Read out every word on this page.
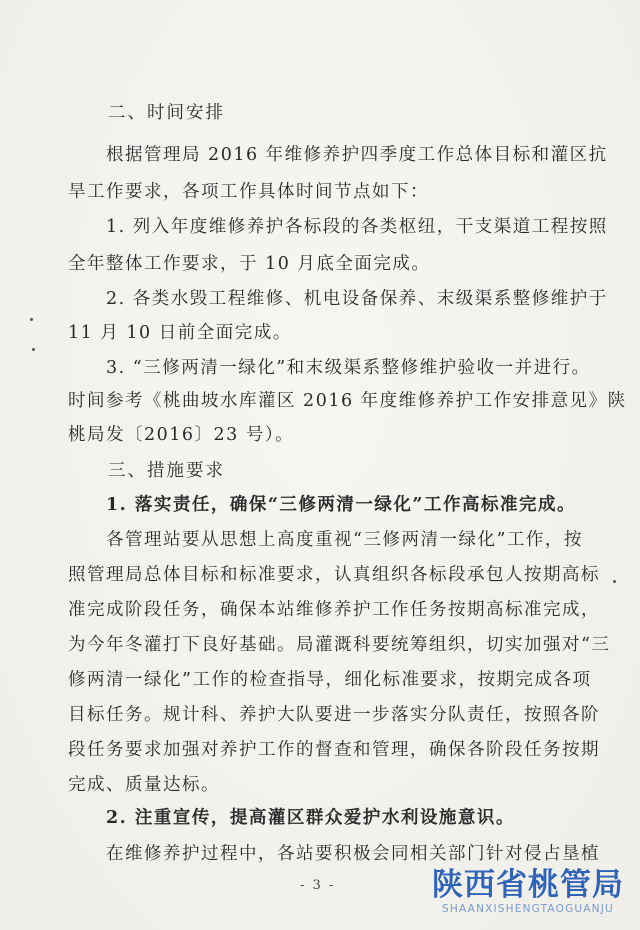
二、时间安排
根据管理局 2016 年维修养护四季度工作总体目标和灌区抗
旱工作要求，各项工作具体时间节点如下：
1. 列入年度维修养护各标段的各类枢纽，干支渠道工程按照
全年整体工作要求，于 10 月底全面完成。
2. 各类水毁工程维修、机电设备保养、末级渠系整修维护于
11 月 10 日前全面完成。
3. “三修两清一绿化”和末级渠系整修维护验收一并进行。
时间参考《桃曲坡水库灌区 2016 年度维修养护工作安排意见》陕
桃局发〔2016〕23 号）。
三、措施要求
1. 落实责任，确保“三修两清一绿化”工作高标准完成。
各管理站要从思想上高度重视“三修两清一绿化”工作，按
照管理局总体目标和标准要求，认真组织各标段承包人按期高标
准完成阶段任务，确保本站维修养护工作任务按期高标准完成，
为今年冬灌打下良好基础。局灌溉科要统筹组织，切实加强对“三
修两清一绿化”工作的检查指导，细化标准要求，按期完成各项
目标任务。规计科、养护大队要进一步落实分队责任，按照各阶
段任务要求加强对养护工作的督查和管理，确保各阶段任务按期
完成、质量达标。
2. 注重宣传，提高灌区群众爱护水利设施意识。
在维修养护过程中，各站要积极会同相关部门针对侵占垦植
- 3 -	陕西省桃管局
SHAANXISHENGTAOGUANJU
